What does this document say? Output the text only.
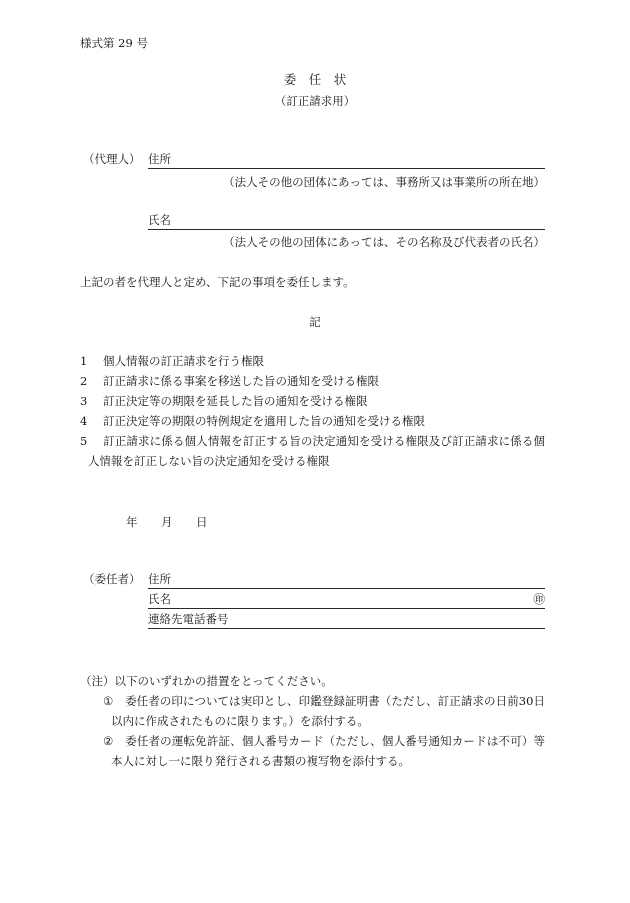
様式第 29 号
委　任　状
（訂正請求用）
（代理人） 住所
（法人その他の団体にあっては、事務所又は事業所の所在地）
氏名
（法人その他の団体にあっては、その名称及び代表者の氏名）
上記の者を代理人と定め、下記の事項を委任します。
記
1 個人情報の訂正請求を行う権限
2 訂正請求に係る事案を移送した旨の通知を受ける権限
3 訂正決定等の期限を延長した旨の通知を受ける権限
4 訂正決定等の期限の特例規定を適用した旨の通知を受ける権限
5 訂正請求に係る個人情報を訂正する旨の決定通知を受ける権限及び訂正請求に係る個人情報を訂正しない旨の決定通知を受ける権限
年 月 日
（委任者） 住所
氏名	㊞
連絡先電話番号
（注）以下のいずれかの措置をとってください。
① 委任者の印については実印とし、印鑑登録証明書（ただし、訂正請求の日前30日以内に作成されたものに限ります。）を添付する。
② 委任者の運転免許証、個人番号カード（ただし、個人番号通知カードは不可）等本人に対し一に限り発行される書類の複写物を添付する。
